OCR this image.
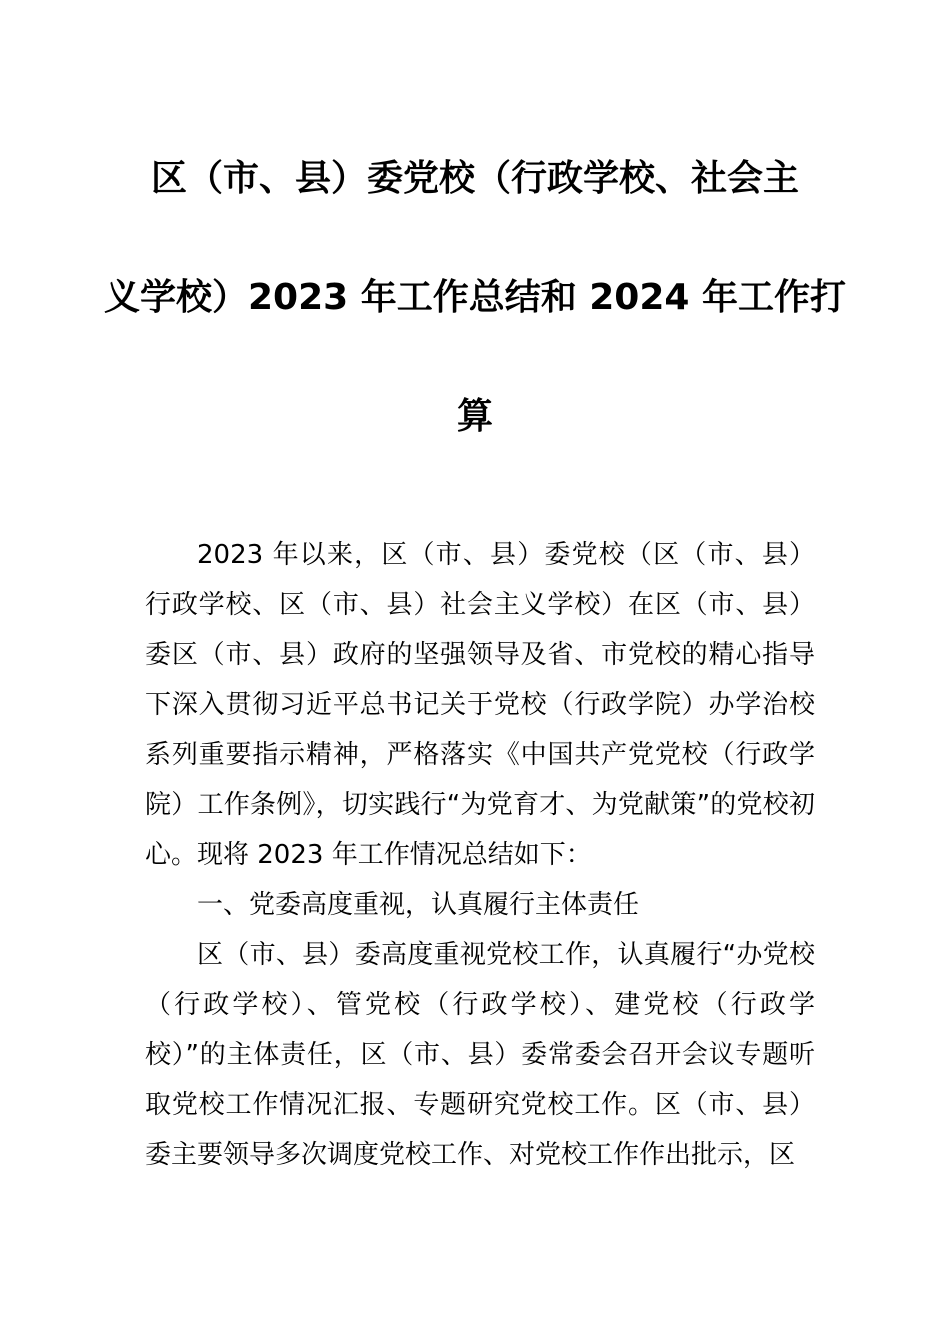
区（市、县）委党校（行政学校、社会主
义学校）2023 年工作总结和 2024 年工作打
算

2023 年以来，区（市、县）委党校（区（市、县）行政学校、区（市、县）社会主义学校）在区（市、县）委区（市、县）政府的坚强领导及省、市党校的精心指导下深入贯彻习近平总书记关于党校（行政学院）办学治校系列重要指示精神，严格落实《中国共产党党校（行政学院）工作条例》，切实践行“为党育才、为党献策”的党校初心。现将 2023 年工作情况总结如下：

一、党委高度重视，认真履行主体责任

区（市、县）委高度重视党校工作，认真履行“办党校（行政学校）、管党校（行政学校）、建党校（行政学校）”的主体责任，区（市、县）委常委会召开会议专题听取党校工作情况汇报、专题研究党校工作。区（市、县）委主要领导多次调度党校工作、对党校工作作出批示，区
